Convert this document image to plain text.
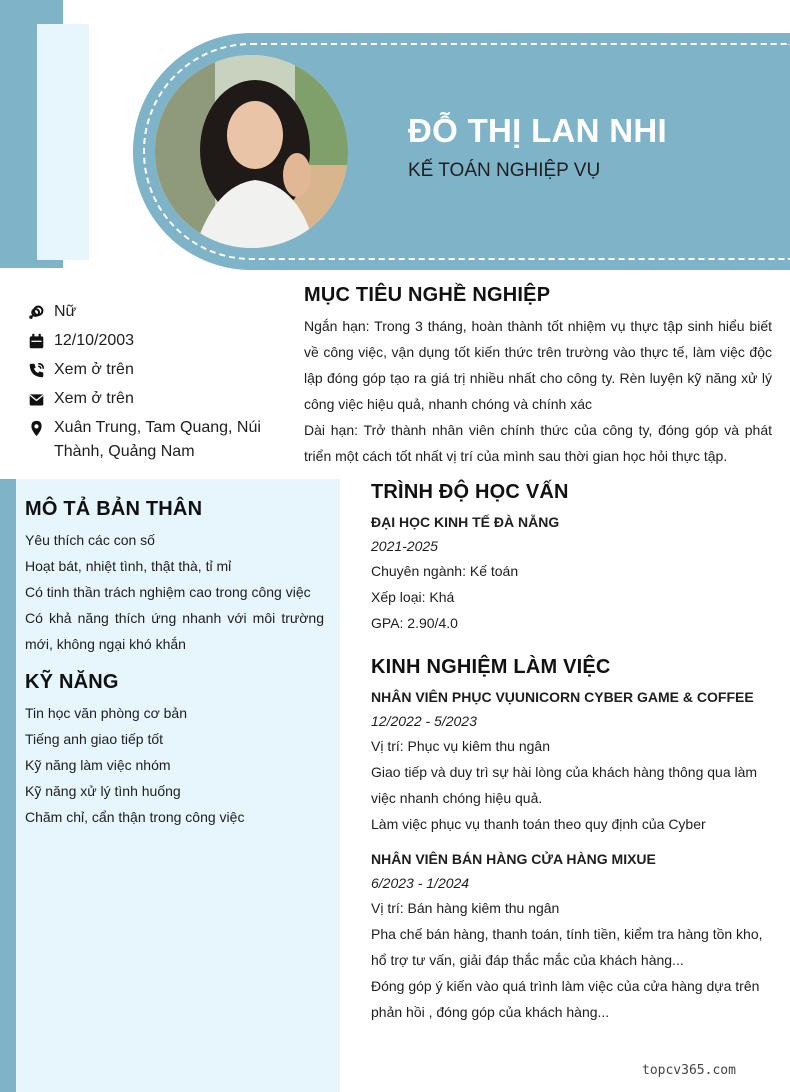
ĐỖ THỊ LAN NHI
KẾ TOÁN NGHIỆP VỤ
Nữ
12/10/2003
Xem ở trên
Xem ở trên
Xuân Trung, Tam Quang, Núi Thành, Quảng Nam
MỤC TIÊU NGHỀ NGHIỆP

Ngắn hạn: Trong 3 tháng, hoàn thành tốt nhiệm vụ thực tập sinh hiểu biết về công việc, vận dụng tốt kiến thức trên trường vào thực tế, làm việc độc lập đóng góp tạo ra giá trị nhiều nhất cho công ty. Rèn luyện kỹ năng xử lý công việc hiệu quả, nhanh chóng và chính xác

Dài hạn: Trở thành nhân viên chính thức của công ty, đóng góp và phát triển một cách tốt nhất vị trí của mình sau thời gian học hỏi thực tập.

MÔ TẢ BẢN THÂN
Yêu thích các con số
Hoạt bát, nhiệt tình, thật thà, tỉ mỉ
Có tinh thần trách nghiệm cao trong công việc
Có khả năng thích ứng nhanh với môi trường mới, không ngại khó khắn
KỸ NĂNG
Tin học văn phòng cơ bản
Tiếng anh giao tiếp tốt
Kỹ năng làm việc nhóm
Kỹ năng xử lý tình huống
Chăm chỉ, cẩn thận trong công việc
TRÌNH ĐỘ HỌC VẤN
ĐẠI HỌC KINH TẾ ĐÀ NẴNG
2021-2025
Chuyên ngành: Kế toán
Xếp loại: Khá
GPA: 2.90/4.0
KINH NGHIỆM LÀM VIỆC
NHÂN VIÊN PHỤC VỤUNICORN CYBER GAME & COFFEE
12/2022 - 5/2023
Vị trí: Phục vụ kiêm thu ngân
Giao tiếp và duy trì sự hài lòng của khách hàng thông qua làm việc nhanh chóng hiệu quả.
Làm việc phục vụ thanh toán theo quy định của Cyber
NHÂN VIÊN BÁN HÀNG CỬA HÀNG MIXUE
6/2023 - 1/2024
Vị trí: Bán hàng kiêm thu ngân
Pha chế bán hàng, thanh toán, tính tiền, kiểm tra hàng tồn kho, hổ trợ tư vấn, giải đáp thắc mắc của khách hàng...
Đóng góp ý kiến vào quá trình làm việc của cửa hàng dựa trên phản hồi , đóng góp của khách hàng...
topcv365.com
